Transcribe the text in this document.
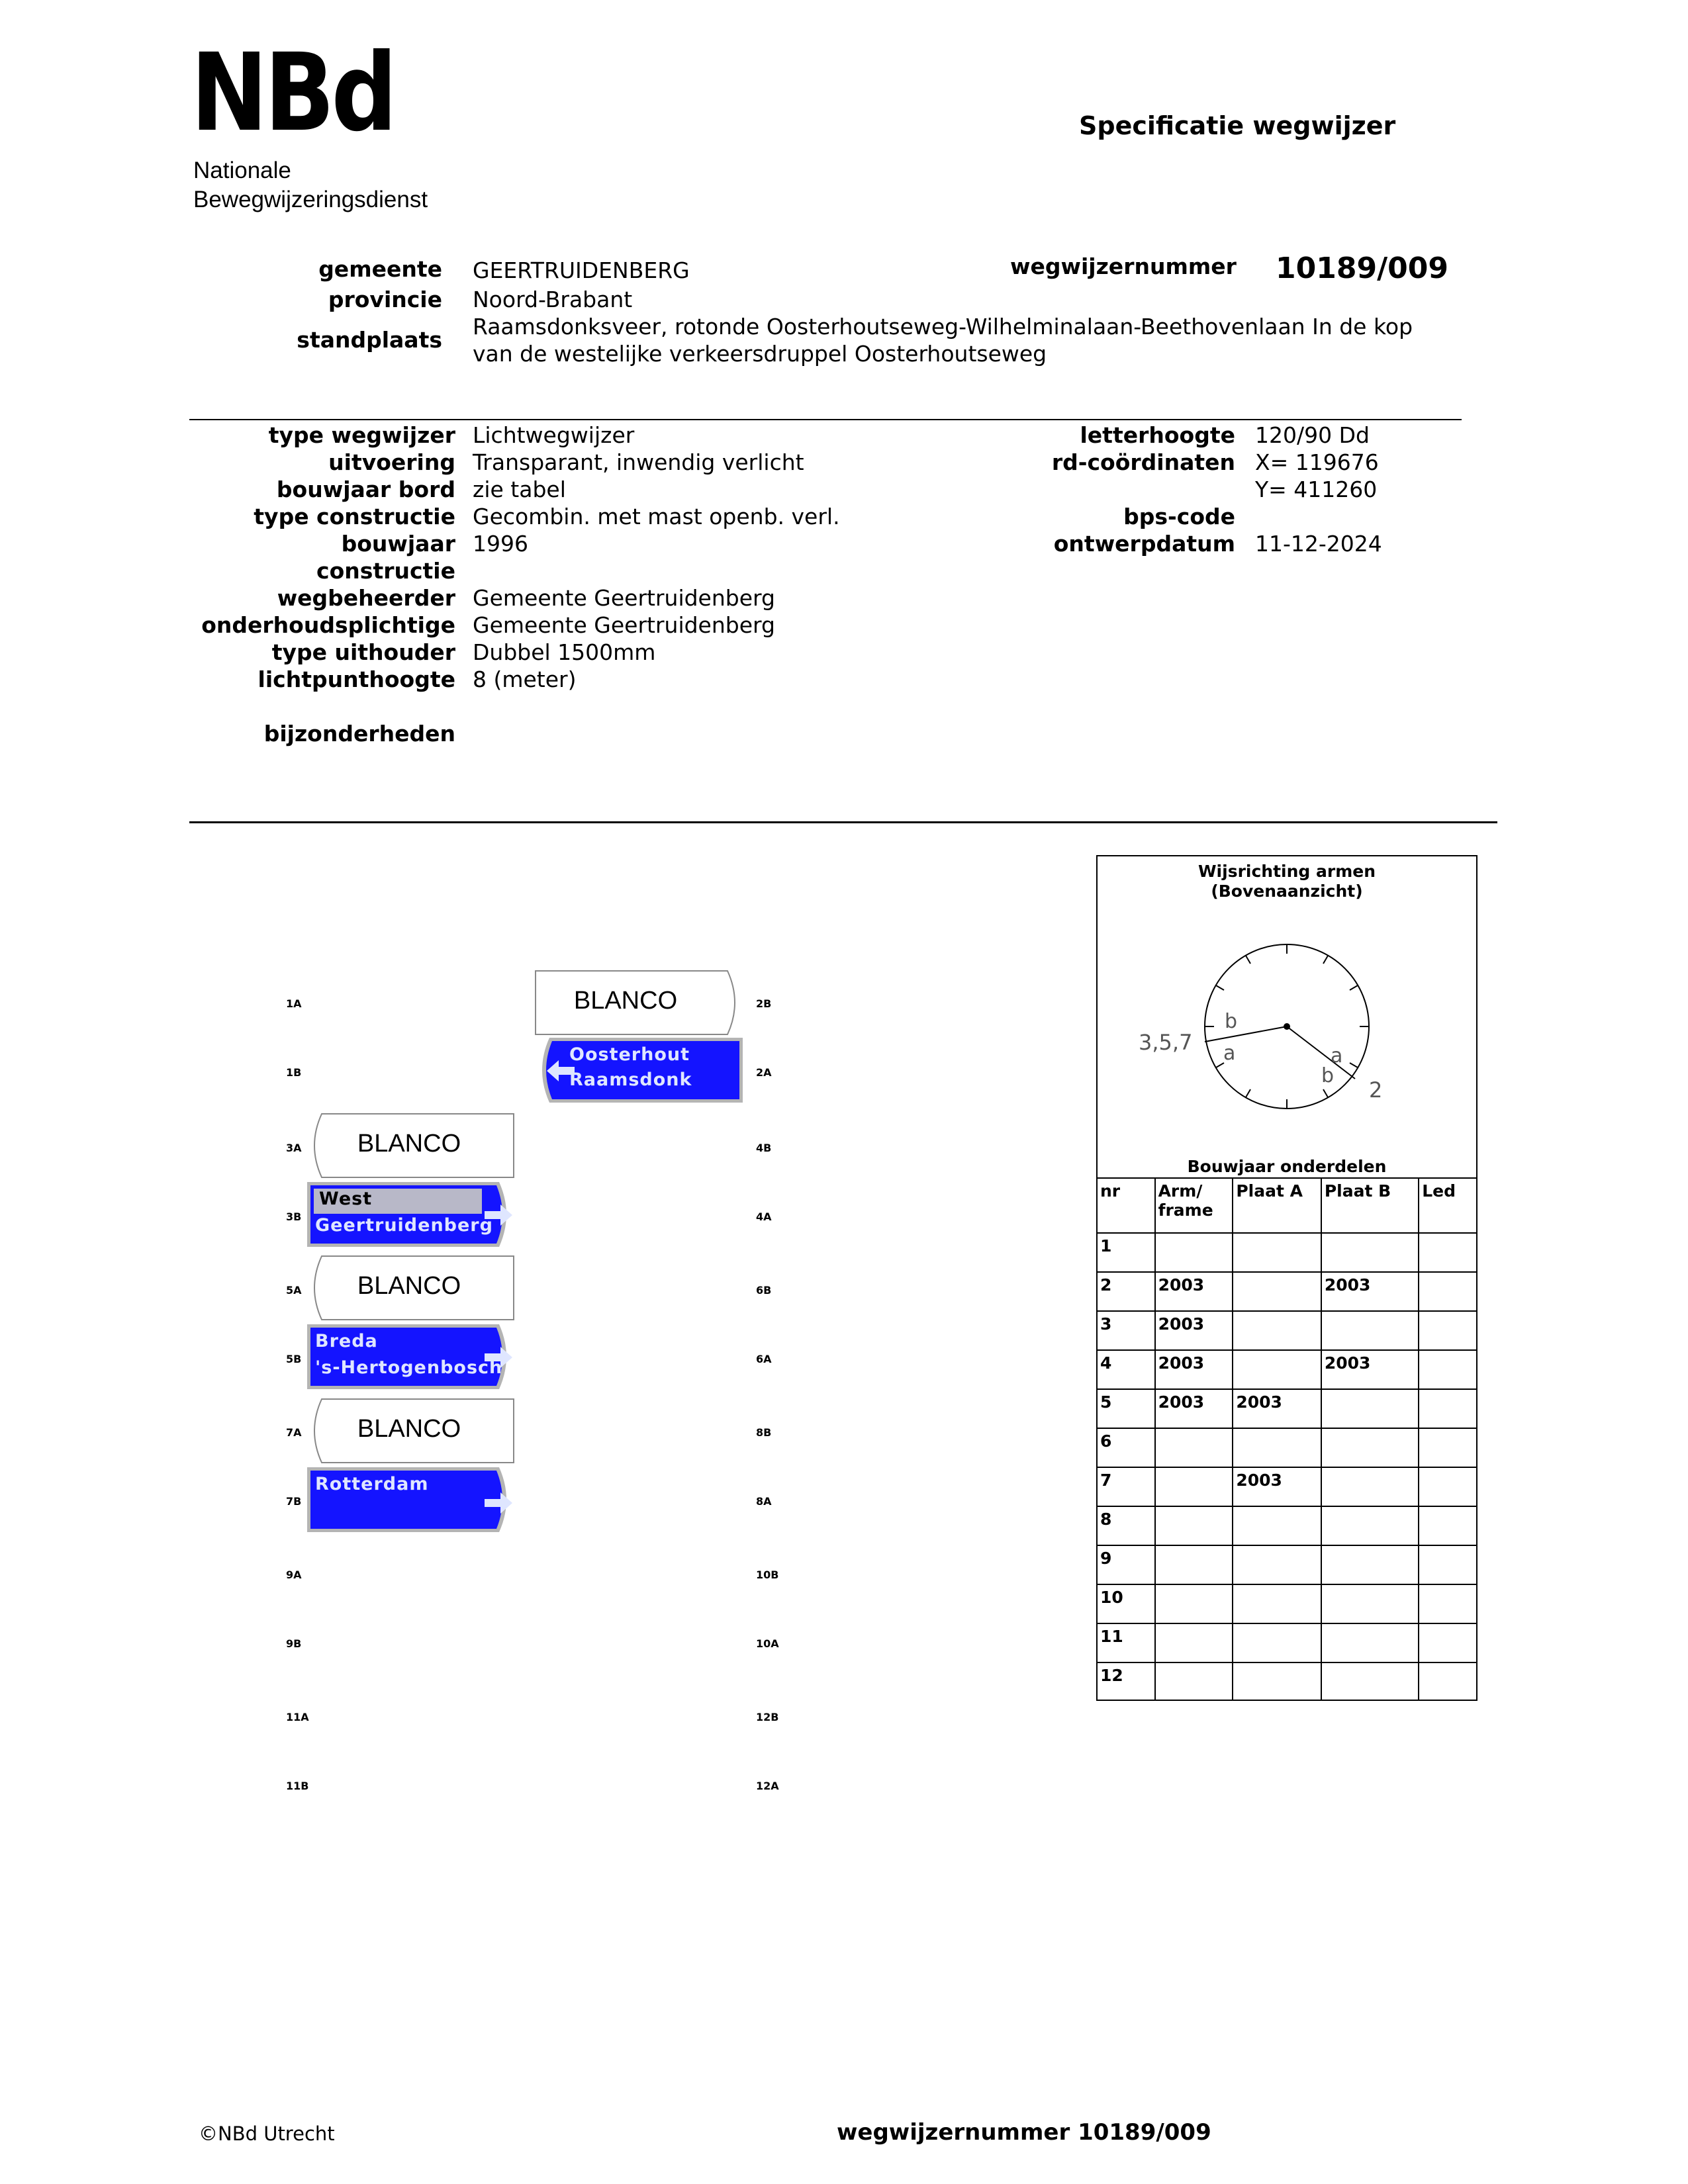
NBd
Nationale
Bewegwijzeringsdienst
Specificatie wegwijzer
gemeente GEERTRUIDENBERG
provincie Noord-Brabant
standplaats
Raamsdonksveer, rotonde Oosterhoutseweg-Wilhelminalaan-Beethovenlaan In de kop
van de westelijke verkeersdruppel Oosterhoutseweg
wegwijzernummer 10189/009
type wegwijzer Lichtwegwijzer
uitvoering Transparant, inwendig verlicht
bouwjaar bord zie tabel
type constructie Gecombin. met mast openb. verl.
bouwjaar 1996
constructie
wegbeheerder Gemeente Geertruidenberg
onderhoudsplichtige Gemeente Geertruidenberg
type uithouder Dubbel 1500mm
lichtpunthoogte 8 (meter)
bijzonderheden
letterhoogte 120/90 Dd
rd-coördinaten X= 119676
Y= 411260
bps-code
ontwerpdatum 11-12-2024
1A
1B
3A
3B
5A
5B
7A
7B
9A
9B
11A
11B
2B
2A
4B
4A
6B
6A
8B
8A
10B
10A
12B
12A
BLANCO
Oosterhout
Raamsdonk
BLANCO
West
Geertruidenberg
BLANCO
Breda
's-Hertogenbosch
BLANCO
Rotterdam
Wijsrichting armen
(Bovenaanzicht)
3,5,7
2
b
a	a
b
Bouwjaar onderdelen
nr	Arm/
frame	Plaat A	Plaat B	Led
1				
2	2003		2003	
3	2003			
4	2003		2003	
5	2003	2003		
6				
7		2003		
8				
9				
10				
11				
12				
©NBd Utrecht	wegwijzernummer 10189/009
